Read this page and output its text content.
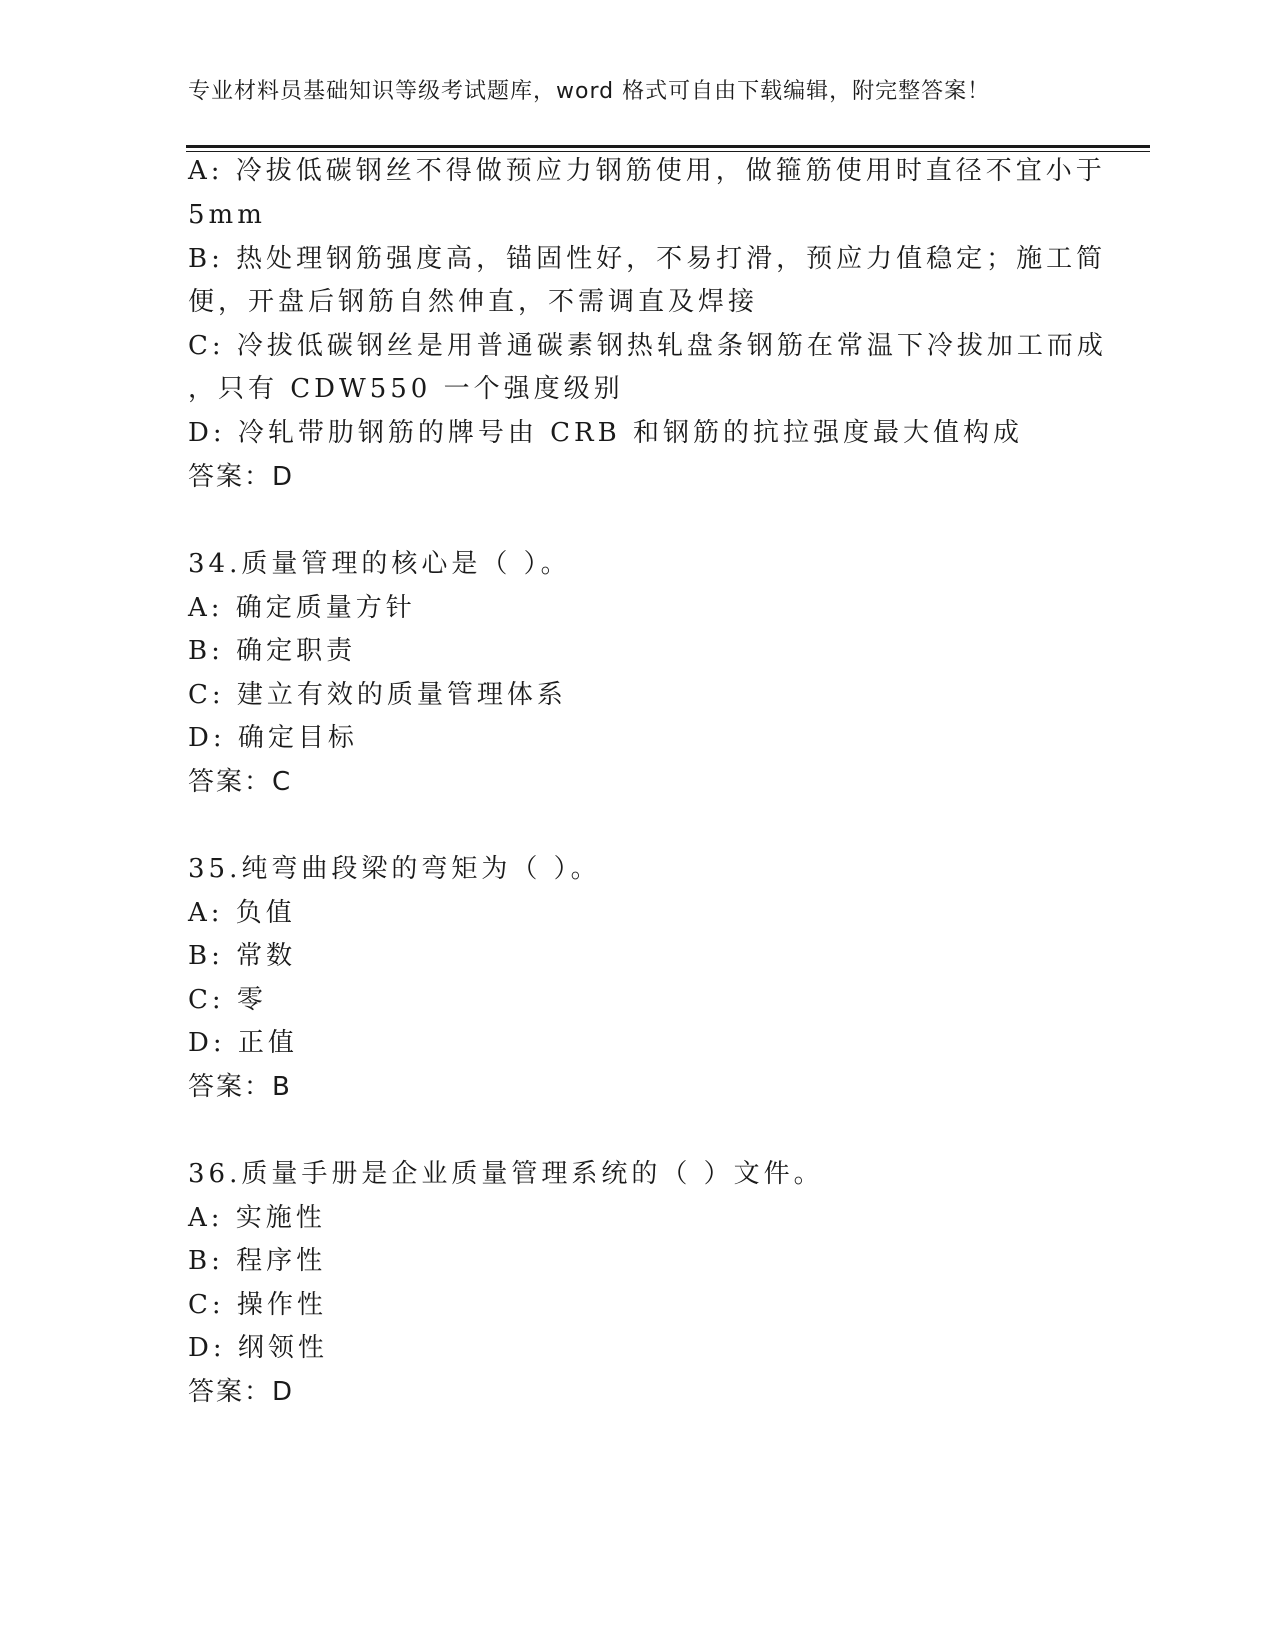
专业材料员基础知识等级考试题库，word 格式可自由下载编辑，附完整答案！
A: 冷拔低碳钢丝不得做预应力钢筋使用，做箍筋使用时直径不宜小于
5mm
B: 热处理钢筋强度高，锚固性好，不易打滑，预应力值稳定；施工简
便，开盘后钢筋自然伸直，不需调直及焊接
C: 冷拔低碳钢丝是用普通碳素钢热轧盘条钢筋在常温下冷拔加工而成
，只有 CDW550 一个强度级别
D: 冷轧带肋钢筋的牌号由 CRB 和钢筋的抗拉强度最大值构成
答案：D
34.质量管理的核心是（ ）。
A: 确定质量方针
B: 确定职责
C: 建立有效的质量管理体系
D: 确定目标
答案：C
35.纯弯曲段梁的弯矩为（ ）。
A: 负值
B: 常数
C: 零
D: 正值
答案：B
36.质量手册是企业质量管理系统的（ ）文件。
A: 实施性
B: 程序性
C: 操作性
D: 纲领性
答案：D
